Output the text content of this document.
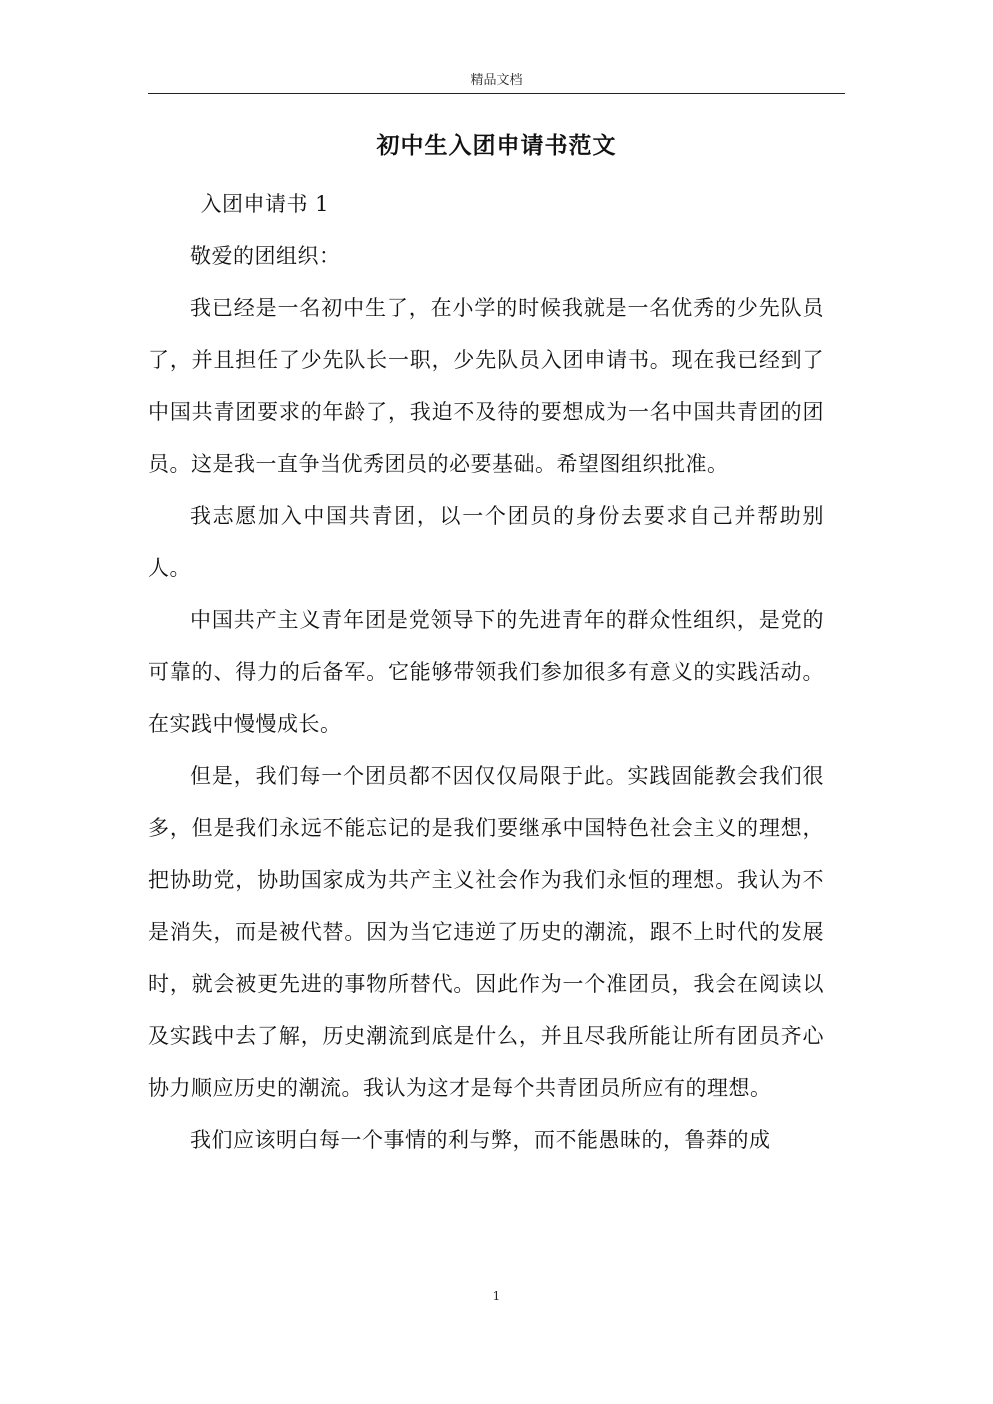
精品文档
初中生入团申请书范文

入团申请书 1

敬爱的团组织：

我已经是一名初中生了，在小学的时候我就是一名优秀的少先队员了，并且担任了少先队长一职，少先队员入团申请书。现在我已经到了中国共青团要求的年龄了，我迫不及待的要想成为一名中国共青团的团员。这是我一直争当优秀团员的必要基础。希望图组织批准。

我志愿加入中国共青团，以一个团员的身份去要求自己并帮助别人。

中国共产主义青年团是党领导下的先进青年的群众性组织，是党的可靠的、得力的后备军。它能够带领我们参加很多有意义的实践活动。在实践中慢慢成长。

但是，我们每一个团员都不因仅仅局限于此。实践固能教会我们很多，但是我们永远不能忘记的是我们要继承中国特色社会主义的理想，把协助党，协助国家成为共产主义社会作为我们永恒的理想。我认为不是消失，而是被代替。因为当它违逆了历史的潮流，跟不上时代的发展时，就会被更先进的事物所替代。因此作为一个准团员，我会在阅读以及实践中去了解，历史潮流到底是什么，并且尽我所能让所有团员齐心协力顺应历史的潮流。我认为这才是每个共青团员所应有的理想。

我们应该明白每一个事情的利与弊，而不能愚昧的，鲁莽的成

1
